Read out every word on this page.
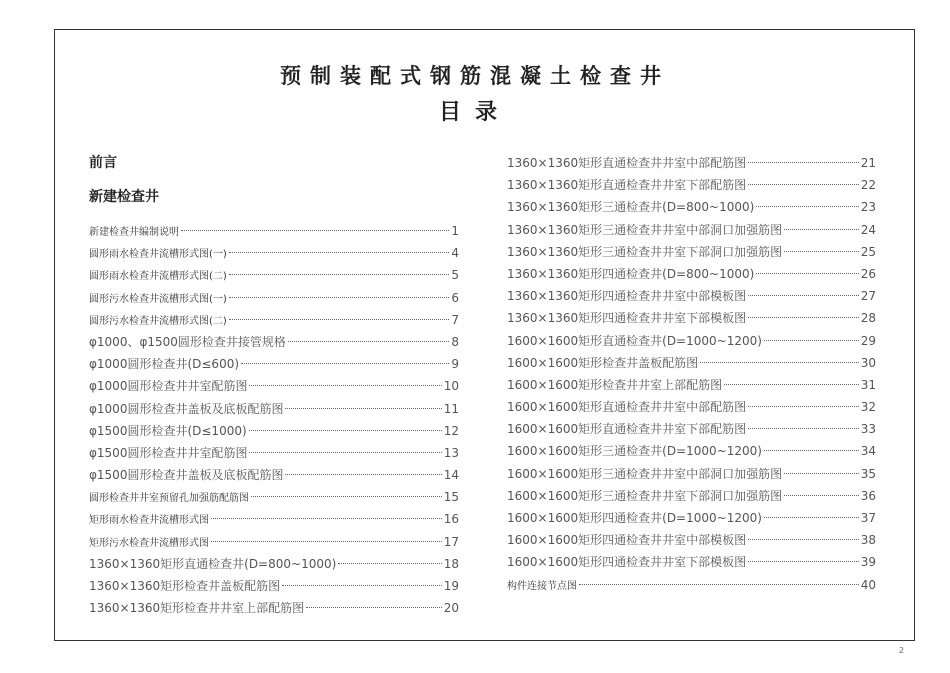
预制装配式钢筋混凝土检查井
目录
前言
新建检查井
新建检查井编制说明	1
圆形雨水检查井流槽形式图(一)	4
圆形雨水检查井流槽形式图(二)	5
圆形污水检查井流槽形式图(一)	6
圆形污水检查井流槽形式图(二)	7
φ1000、φ1500圆形检查井接管规格	8
φ1000圆形检查井(D≤600)	9
φ1000圆形检查井井室配筋图	10
φ1000圆形检查井盖板及底板配筋图	11
φ1500圆形检查井(D≤1000)	12
φ1500圆形检查井井室配筋图	13
φ1500圆形检查井盖板及底板配筋图	14
圆形检查井井室预留孔加强筋配筋图	15
矩形雨水检查井流槽形式图	16
矩形污水检查井流槽形式图	17
1360×1360矩形直通检查井(D=800~1000)	18
1360×1360矩形检查井盖板配筋图	19
1360×1360矩形检查井井室上部配筋图	20
1360×1360矩形直通检查井井室中部配筋图	21
1360×1360矩形直通检查井井室下部配筋图	22
1360×1360矩形三通检查井(D=800~1000)	23
1360×1360矩形三通检查井井室中部洞口加强筋图	24
1360×1360矩形三通检查井井室下部洞口加强筋图	25
1360×1360矩形四通检查井(D=800~1000)	26
1360×1360矩形四通检查井井室中部模板图	27
1360×1360矩形四通检查井井室下部模板图	28
1600×1600矩形直通检查井(D=1000~1200)	29
1600×1600矩形检查井盖板配筋图	30
1600×1600矩形检查井井室上部配筋图	31
1600×1600矩形直通检查井井室中部配筋图	32
1600×1600矩形直通检查井井室下部配筋图	33
1600×1600矩形三通检查井(D=1000~1200)	34
1600×1600矩形三通检查井井室中部洞口加强筋图	35
1600×1600矩形三通检查井井室下部洞口加强筋图	36
1600×1600矩形四通检查井(D=1000~1200)	37
1600×1600矩形四通检查井井室中部模板图	38
1600×1600矩形四通检查井井室下部模板图	39
构件连接节点图	40
2
